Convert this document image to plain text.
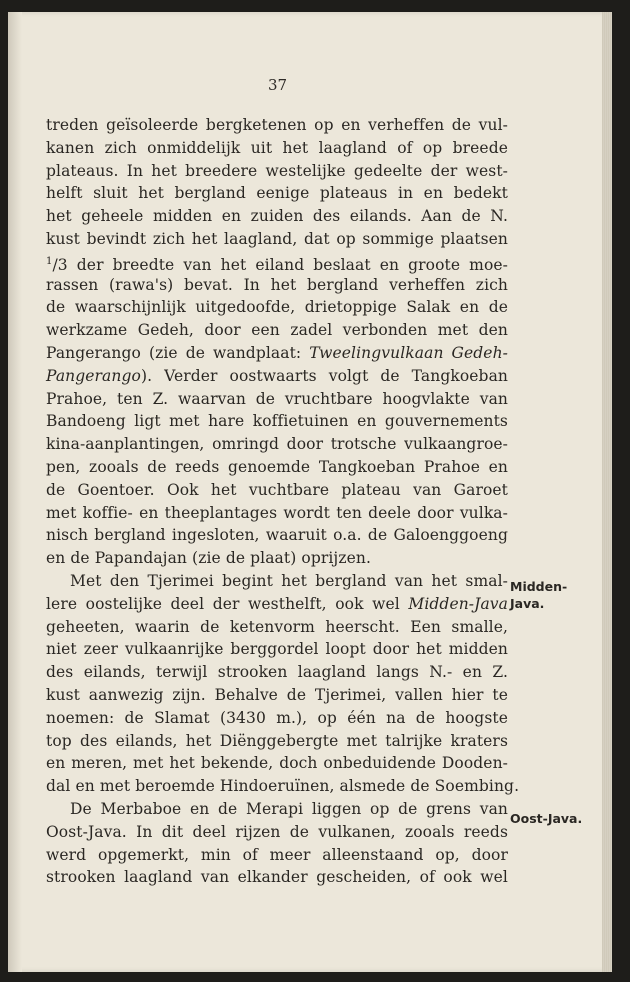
37
treden geïsoleerde bergketenen op en verheffen de vul-
kanen zich onmiddelijk uit het laagland of op breede
plateaus. In het breedere westelijke gedeelte der west-
helft sluit het bergland eenige plateaus in en bedekt
het geheele midden en zuiden des eilands. Aan de N.
kust bevindt zich het laagland, dat op sommige plaatsen
$^1$/3 der breedte van het eiland beslaat en groote moe-
rassen (rawa's) bevat. In het bergland verheffen zich
de waarschijnlijk uitgedoofde, drietoppige Salak en de
werkzame Gedeh, door een zadel verbonden met den
Pangerango (zie de wandplaat: Tweelingvulkaan Gedeh-
Pangerango). Verder oostwaarts volgt de Tangkoeban
Prahoe, ten Z. waarvan de vruchtbare hoogvlakte van
Bandoeng ligt met hare koffietuinen en gouvernements
kina-aanplantingen, omringd door trotsche vulkaangroe-
pen, zooals de reeds genoemde Tangkoeban Prahoe en
de Goentoer. Ook het vuchtbare plateau van Garoet
met koffie- en theeplantages wordt ten deele door vulka-
nisch bergland ingesloten, waaruit o.a. de Galoenggoeng
en de Papandajan (zie de plaat) oprijzen.
Met den Tjerimei begint het bergland van het smal-
lere oostelijke deel der westhelft, ook wel Midden-Java
geheeten, waarin de ketenvorm heerscht. Een smalle,
niet zeer vulkaanrijke berggordel loopt door het midden
des eilands, terwijl strooken laagland langs N.- en Z.
kust aanwezig zijn. Behalve de Tjerimei, vallen hier te
noemen: de Slamat (3430 m.), op één na de hoogste
top des eilands, het Diënggebergte met talrijke kraters
en meren, met het bekende, doch onbeduidende Dooden-
dal en met beroemde Hindoeruïnen, alsmede de Soembing.
De Merbaboe en de Merapi liggen op de grens van
Oost-Java. In dit deel rijzen de vulkanen, zooals reeds
werd opgemerkt, min of meer alleenstaand op, door
strooken laagland van elkander gescheiden, of ook wel
Midden-
Java.
Oost-Java.
